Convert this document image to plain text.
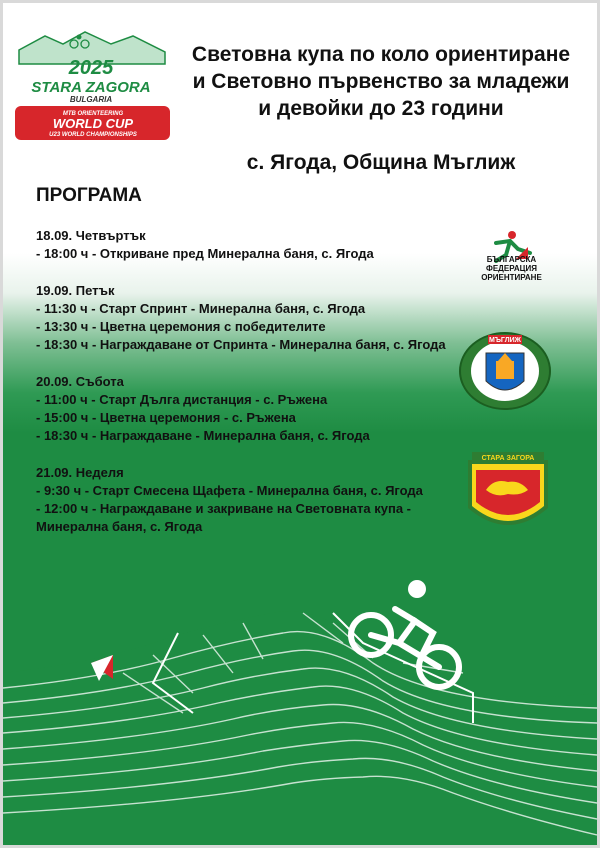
2025
STARA ZAGORA
BULGARIA
MTB ORIENTEERING
WORLD CUP
U23 WORLD CHAMPIONSHIPS
Световна купа по коло ориентиране
и Световно първенство за младежи
и девойки до 23 години
с. Ягода, Община Мъглиж
ПРОГРАМА
18.09. Четвъртък
- 18:00 ч - Откриване пред Минерална баня, с. Ягода
19.09. Петък
- 11:30 ч - Старт Спринт - Минерална баня, с. Ягода
- 13:30 ч - Цветна церемония с победителите
- 18:30 ч - Награждаване от Спринта - Минерална баня, с. Ягода
20.09. Събота
- 11:00 ч - Старт Дълга дистанция - с. Ръжена
- 15:00 ч - Цветна церемония - с. Ръжена
- 18:30 ч - Награждаване - Минерална баня, с. Ягода
21.09. Неделя
- 9:30 ч - Старт Смесена Щафета - Минерална баня, с. Ягода
- 12:00 ч - Награждаване и закриване на Световната купа - Минерална баня, с. Ягода
БЪЛГАРСКА
ФЕДЕРАЦИЯ
ОРИЕНТИРАНЕ
МЪГЛИЖ
СТАРА ЗАГОРА
